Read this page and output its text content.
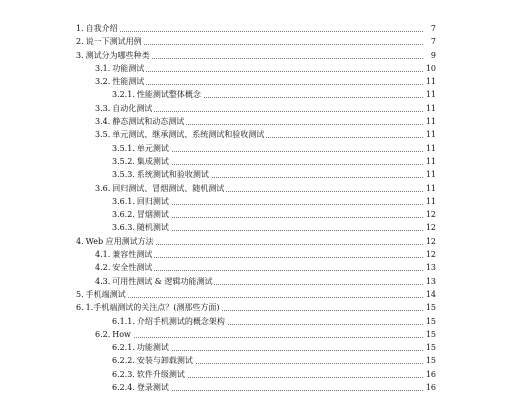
1. 自我介绍	7
2. 说一下测试用例	7
3. 测试分为哪些种类	9
3.1. 功能测试	10
3.2. 性能测试	11
3.2.1. 性能测试整体概念	11
3.3. 自动化测试	11
3.4. 静态测试和动态测试	11
3.5. 单元测试、继承测试、系统测试和验收测试	11
3.5.1. 单元测试	11
3.5.2. 集成测试	11
3.5.3. 系统测试和验收测试	11
3.6. 回归测试、冒烟测试、随机测试	11
3.6.1. 回归测试	11
3.6.2. 冒烟测试	12
3.6.3. 随机测试	12
4. Web 应用测试方法	12
4.1. 兼容性测试	12
4.2. 安全性测试	13
4.3. 可用性测试 & 逻辑功能测试	13
5. 手机端测试	14
6. 1.手机端测试的关注点？(测那些方面)	15
6.1.1. 介绍手机测试的概念架构	15
6.2. How	15
6.2.1. 功能测试	15
6.2.2. 安装与卸载测试	15
6.2.3. 软件升级测试	16
6.2.4. 登录测试	16
